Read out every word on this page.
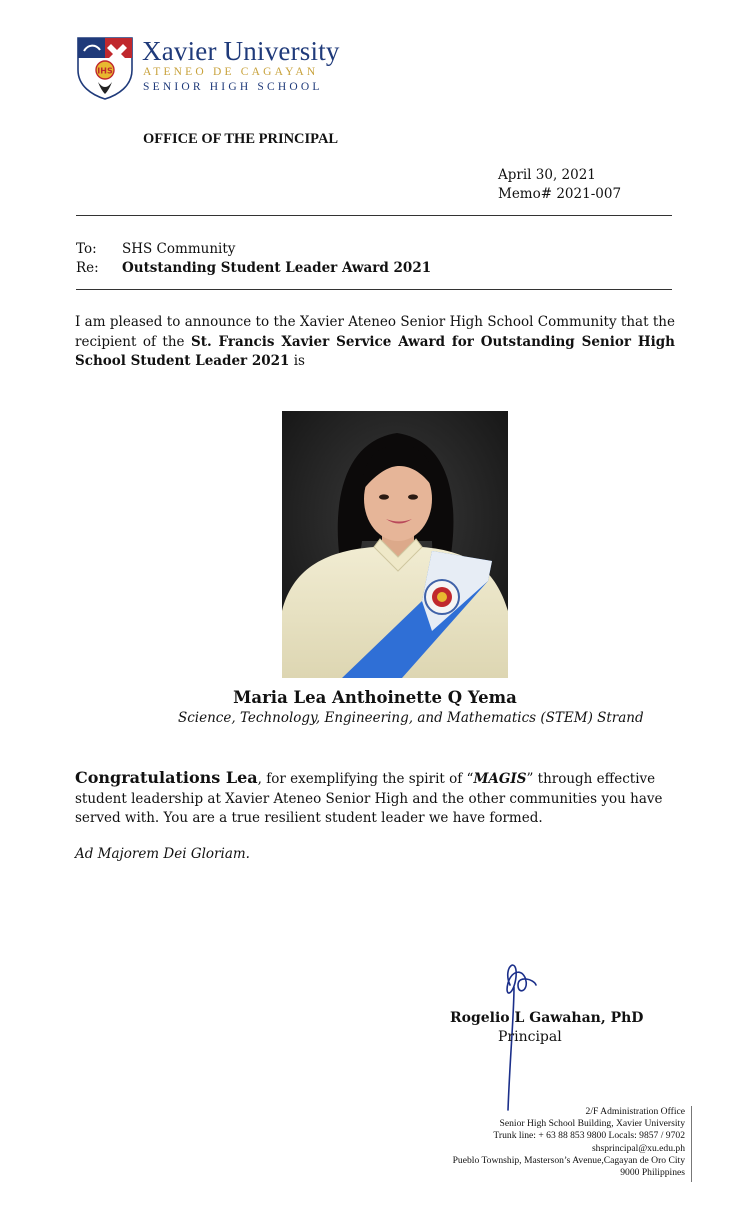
IHS
Xavier University
ATENEO DE CAGAYAN
SENIOR HIGH SCHOOL
OFFICE OF THE PRINCIPAL
April 30, 2021
Memo# 2021-007
To: SHS Community
Re: Outstanding Student Leader Award 2021
I am pleased to announce to the Xavier Ateneo Senior High School Community that the recipient of the St. Francis Xavier Service Award for Outstanding Senior High School Student Leader 2021 is
Maria Lea Anthoinette Q Yema
Science, Technology, Engineering, and Mathematics (STEM) Strand
Congratulations Lea, for exemplifying the spirit of “MAGIS” through effective student leadership at Xavier Ateneo Senior High and the other communities you have served with. You are a true resilient student leader we have formed.
Ad Majorem Dei Gloriam.
Rogelio L Gawahan, PhD
Principal
2/F Administration Office
Senior High School Building, Xavier University
Trunk line: + 63 88 853 9800 Locals: 9857 / 9702
shsprincipal@xu.edu.ph
Pueblo Township, Masterson’s Avenue,Cagayan de Oro City
9000 Philippines
